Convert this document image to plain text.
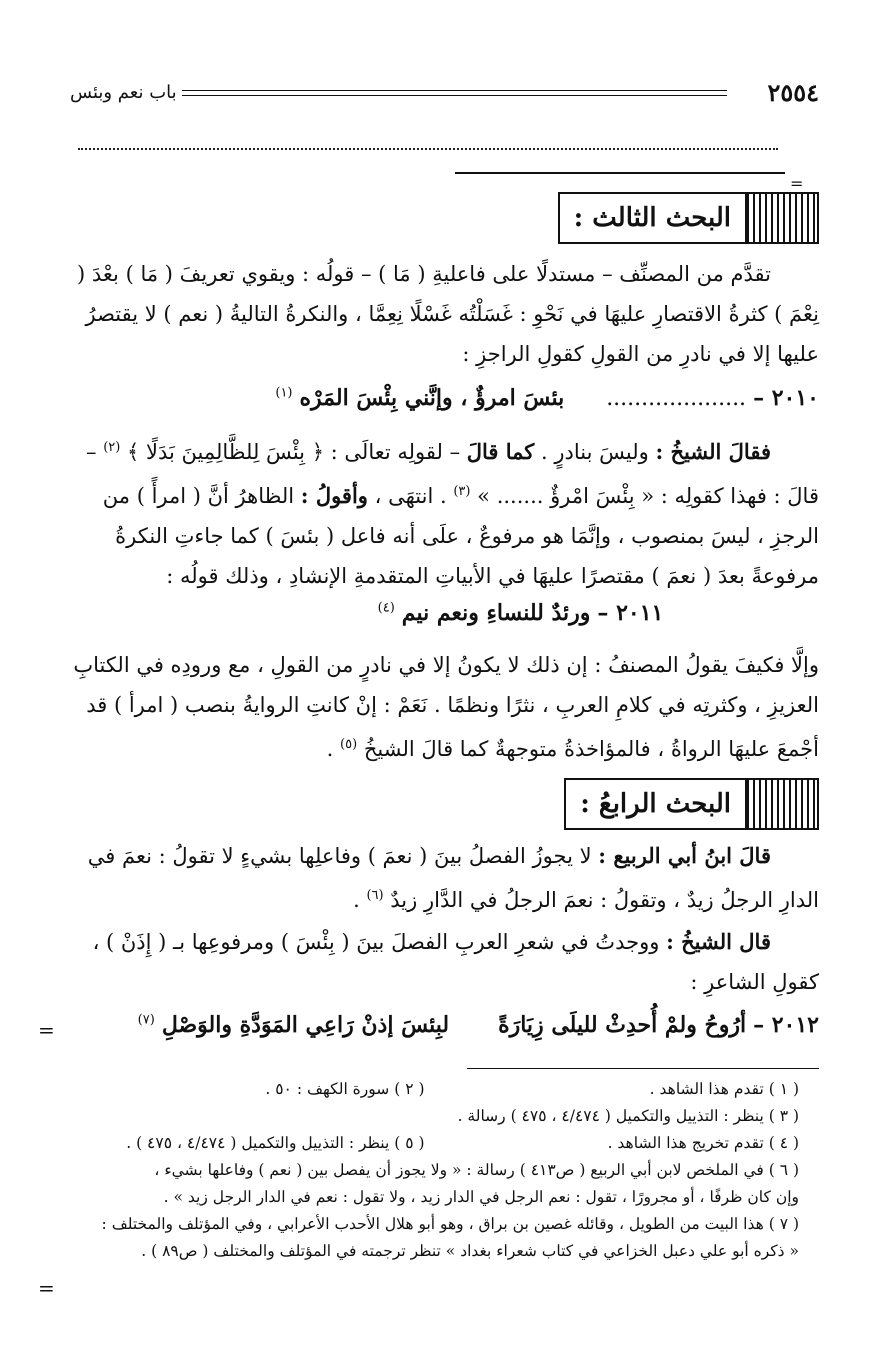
٢٥٥٤
باب نعم وبئس
=
البحث الثالث :

تقدَّم من المصنِّف – مستدلًا على فاعليةِ ( مَا ) – قولُه : ويقوي تعريفَ ( مَا ) بعْدَ ( نِعْمَ ) كثرةُ الاقتصارِ عليهَا في نَحْوِ : غَسَلْتُه غَسْلًا نِعِمَّا ، والنكرةُ التاليةُ ( نعم ) لا يقتصرُ عليها إلا في نادرِ من القولِ كقولِ الراجزِ :

٢٠١٠ – ....................      بئسَ امرؤٌ ، وإنَّني بِئْسَ المَرْه $^{(١)}$

فقالَ الشيخُ : وليسَ بنادرٍ . كما قالَ – لقولِه تعالَى : ﴿ بِئْسَ لِلظَّالِمِينَ بَدَلًا ﴾ $^{(٢)}$ – قالَ : فهذا كقولِه : « بِئْسَ امْرؤٌ ....... » $^{(٣)}$ . انتهَى ، وأقولُ : الظاهرُ أنَّ ( امرأً ) من الرجزِ ، ليسَ بمنصوب ، وإنَّمَا هو مرفوعٌ ، علَى أنه فاعل ( بئسَ ) كما جاءتِ النكرةُ مرفوعةً بعدَ ( نعمَ ) مقتصرًا عليهَا في الأبياتِ المتقدمةِ الإنشادِ ، وذلك قولُه :

٢٠١١ – ورئدٌ للنساءِ ونعم نيم $^{(٤)}$

وإلَّا فكيفَ يقولُ المصنفُ : إن ذلك لا يكونُ إلا في نادرٍ من القولِ ، مع ورودِه في الكتابِ العزيزِ ، وكثرتِه في كلامِ العربِ ، نثرًا ونظمًا . نَعَمْ : إنْ كانتِ الروايةُ بنصب ( امرأ ) قد أجْمعَ عليهَا الرواةُ ، فالمؤاخذةُ متوجهةٌ كما قالَ الشيخُ $^{(٥)}$ .

البحث الرابعُ :

قالَ ابنُ أبي الربيع : لا يجوزُ الفصلُ بينَ ( نعمَ ) وفاعلِها بشيءٍ لا تقولُ : نعمَ في الدارِ الرجلُ زيدٌ ، وتقولُ : نعمَ الرجلُ في الدَّارِ زيدٌ $^{(٦)}$ .

قال الشيخُ : ووجدتُ في شعرِ العربِ الفصلَ بينَ ( بِئْسَ ) ومرفوعِها بـ ( إِذَنْ ) ، كقولِ الشاعرِ :

٢٠١٢ – أرُوحُ ولمْ أُحدِثْ لليلَى زِيَارَةً       لبِئسَ إذنْ رَاعِي المَوَدَّةِ والوَصْلِ $^{(٧)}$
=
( ١ ) تقدم هذا الشاهد .
( ٢ ) سورة الكهف : ٥٠ .
( ٣ ) ينظر : التذييل والتكميل ( ٤/٤٧٤ ، ٤٧٥ ) رسالة .
( ٤ ) تقدم تخريج هذا الشاهد .
( ٥ ) ينظر : التذييل والتكميل ( ٤/٤٧٤ ، ٤٧٥ ) .
( ٦ ) في الملخص لابن أبي الربيع ( ص٤١٣ ) رسالة : « ولا يجوز أن يفصل بين ( نعم ) وفاعلها بشيء ،
وإن كان ظرفًا ، أو مجرورًا ، تقول : نعم الرجل في الدار زيد ، ولا تقول : نعم في الدار الرجل زيد » .
( ٧ ) هذا البيت من الطويل ، وقائله غصين بن براق ، وهو أبو هلال الأحدب الأعرابي ، وفي المؤتلف والمختلف :
« ذكره أبو علي دعبل الخزاعي في كتاب شعراء بغداد » تنظر ترجمته في المؤتلف والمختلف ( ص٨٩ ) .
=
